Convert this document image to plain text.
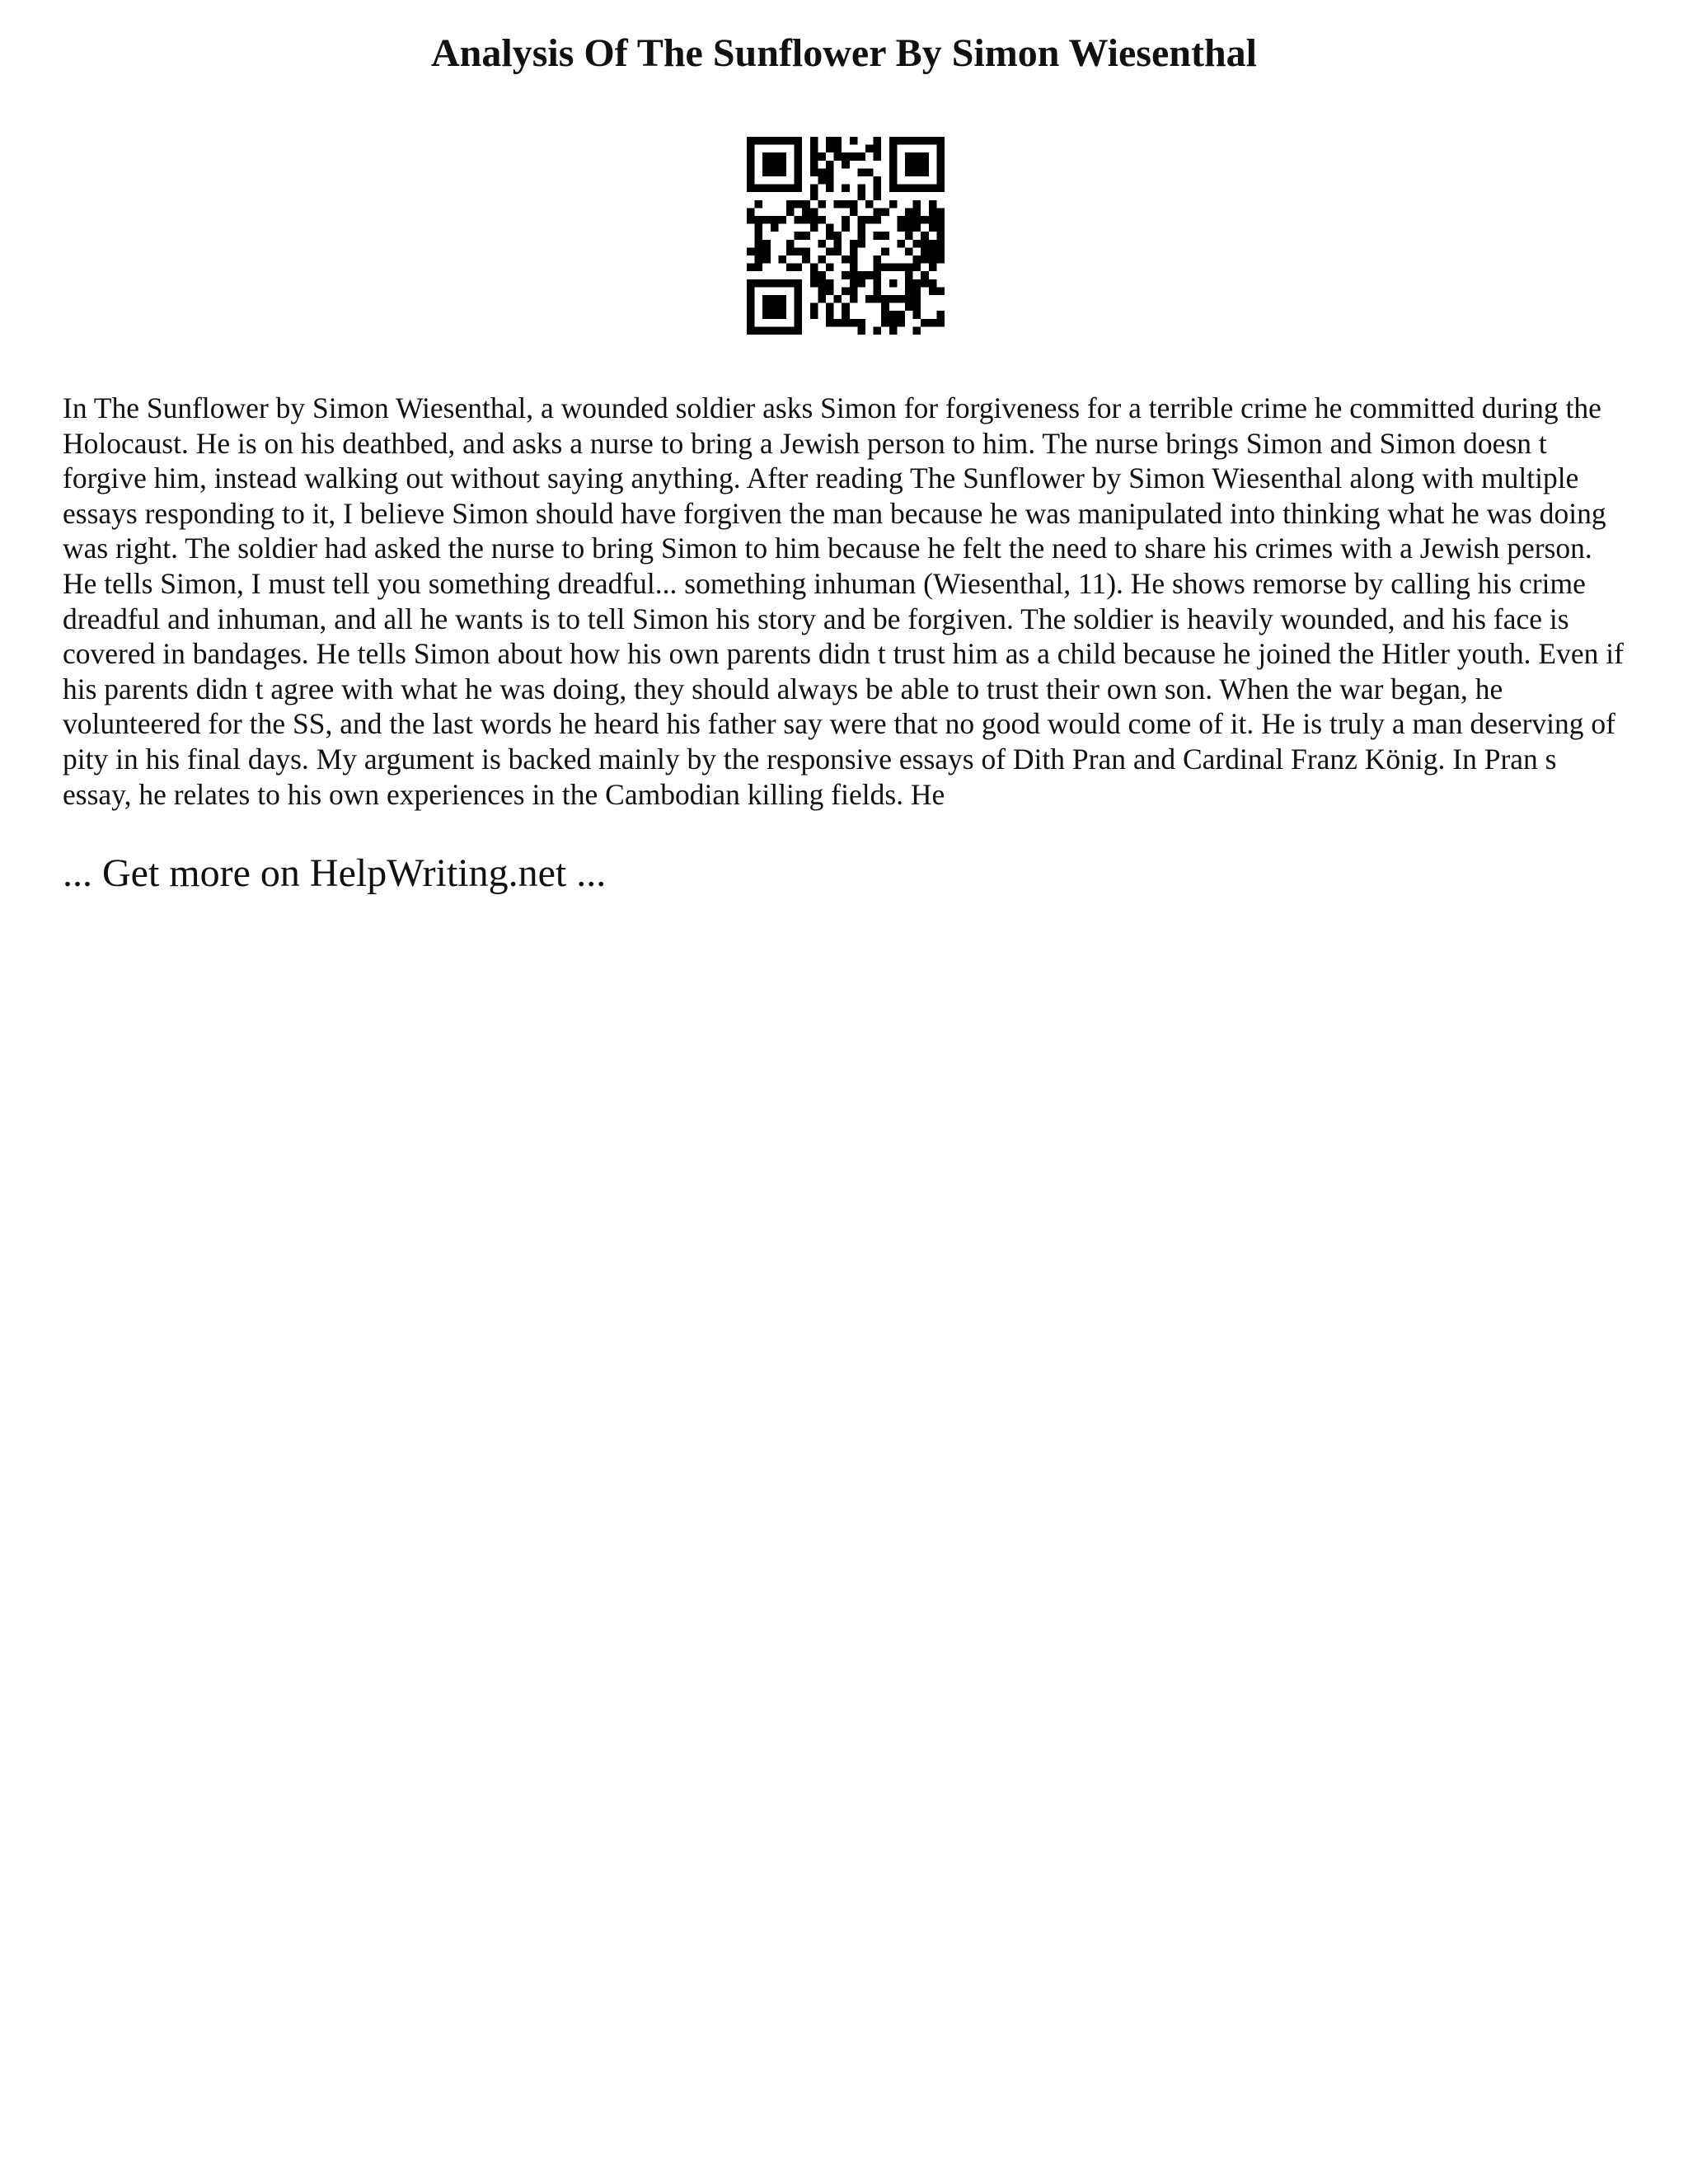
Analysis Of The Sunflower By Simon Wiesenthal

In The Sunflower by Simon Wiesenthal, a wounded soldier asks Simon for forgiveness for a terrible crime he committed during the Holocaust. He is on his deathbed, and asks a nurse to bring a Jewish person to him. The nurse brings Simon and Simon doesn t forgive him, instead walking out without saying anything. After reading The Sunflower by Simon Wiesenthal along with multiple essays responding to it, I believe Simon should have forgiven the man because he was manipulated into thinking what he was doing was right. The soldier had asked the nurse to bring Simon to him because he felt the need to share his crimes with a Jewish person. He tells Simon, I must tell you something dreadful... something inhuman (Wiesenthal, 11). He shows remorse by calling his crime dreadful and inhuman, and all he wants is to tell Simon his story and be forgiven. The soldier is heavily wounded, and his face is covered in bandages. He tells Simon about how his own parents didn t trust him as a child because he joined the Hitler youth. Even if his parents didn t agree with what he was doing, they should always be able to trust their own son. When the war began, he volunteered for the SS, and the last words he heard his father say were that no good would come of it. He is truly a man deserving of pity in his final days. My argument is backed mainly by the responsive essays of Dith Pran and Cardinal Franz König. In Pran s essay, he relates to his own experiences in the Cambodian killing fields. He

... Get more on HelpWriting.net ...
